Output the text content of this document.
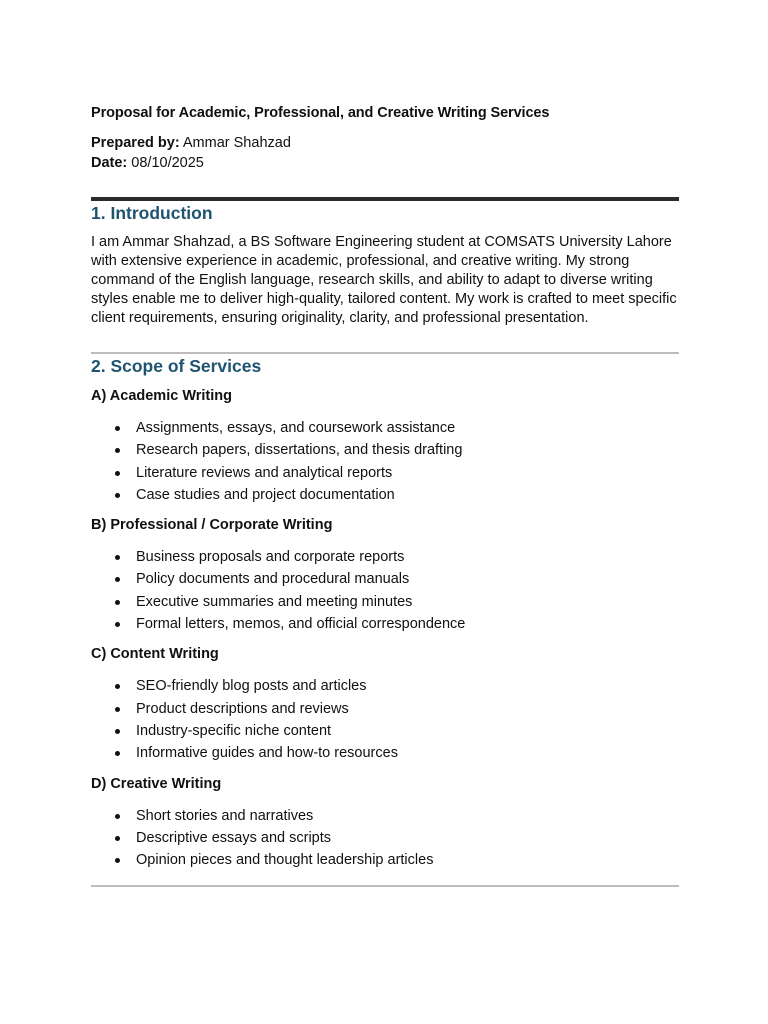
Proposal for Academic, Professional, and Creative Writing Services
Prepared by: Ammar Shahzad
Date: 08/10/2025
1. Introduction

I am Ammar Shahzad, a BS Software Engineering student at COMSATS University Lahore with extensive experience in academic, professional, and creative writing. My strong command of the English language, research skills, and ability to adapt to diverse writing styles enable me to deliver high-quality, tailored content. My work is crafted to meet specific client requirements, ensuring originality, clarity, and professional presentation.

2. Scope of Services

A) Academic Writing

Assignments, essays, and coursework assistance
Research papers, dissertations, and thesis drafting
Literature reviews and analytical reports
Case studies and project documentation

B) Professional / Corporate Writing

Business proposals and corporate reports
Policy documents and procedural manuals
Executive summaries and meeting minutes
Formal letters, memos, and official correspondence

C) Content Writing

SEO-friendly blog posts and articles
Product descriptions and reviews
Industry-specific niche content
Informative guides and how-to resources

D) Creative Writing

Short stories and narratives
Descriptive essays and scripts
Opinion pieces and thought leadership articles
